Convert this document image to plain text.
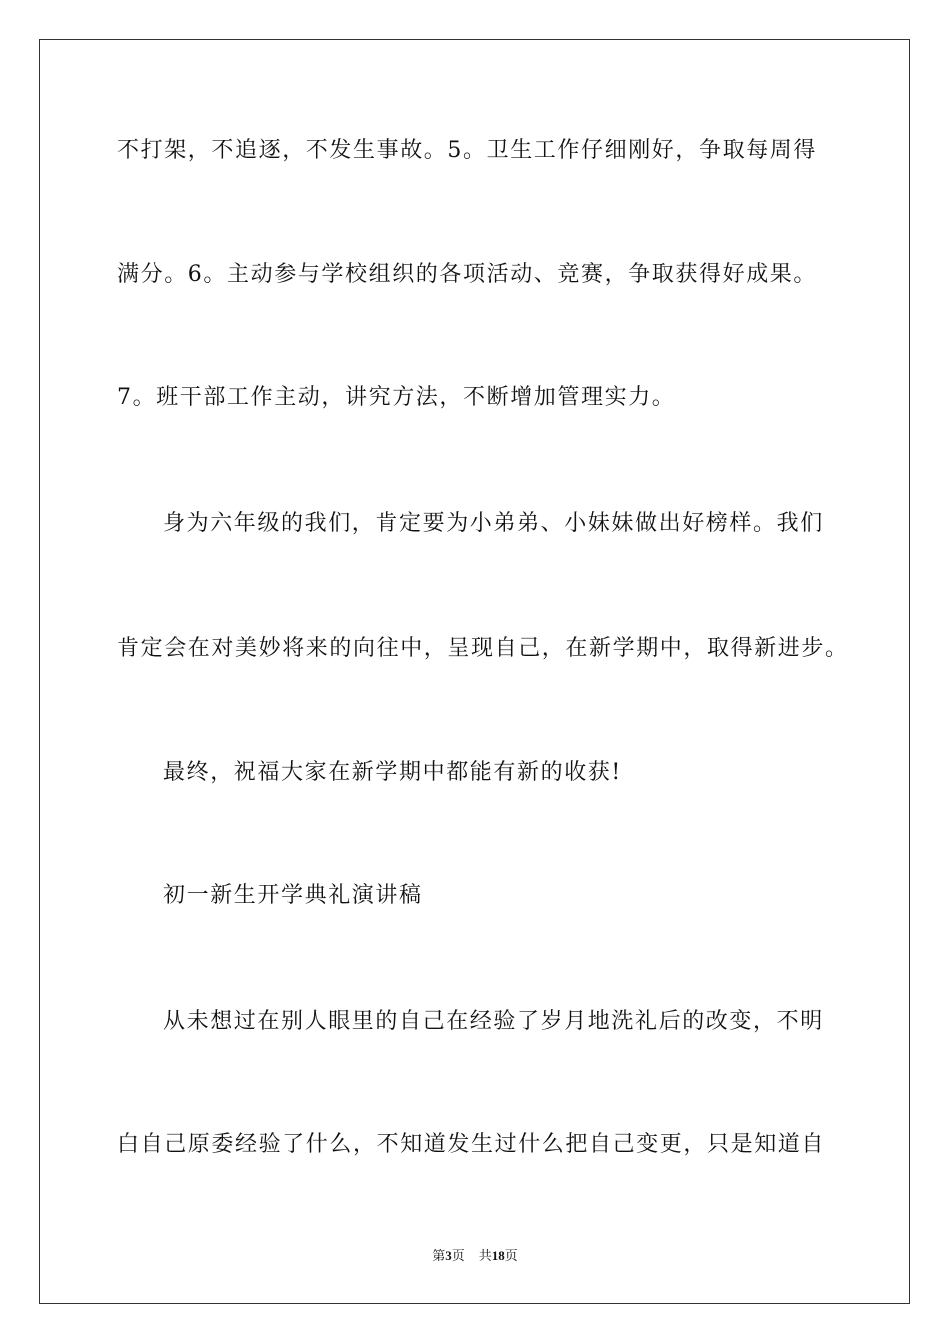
不打架，不追逐，不发生事故。5。卫生工作仔细刚好，争取每周得
满分。6。主动参与学校组织的各项活动、竞赛，争取获得好成果。
7。班干部工作主动，讲究方法，不断增加管理实力。
身为六年级的我们，肯定要为小弟弟、小妹妹做出好榜样。我们
肯定会在对美妙将来的向往中，呈现自己，在新学期中，取得新进步。
最终，祝福大家在新学期中都能有新的收获!
初一新生开学典礼演讲稿
从未想过在别人眼里的自己在经验了岁月地洗礼后的改变，不明
白自己原委经验了什么，不知道发生过什么把自己变更，只是知道自
第3页 共18页
